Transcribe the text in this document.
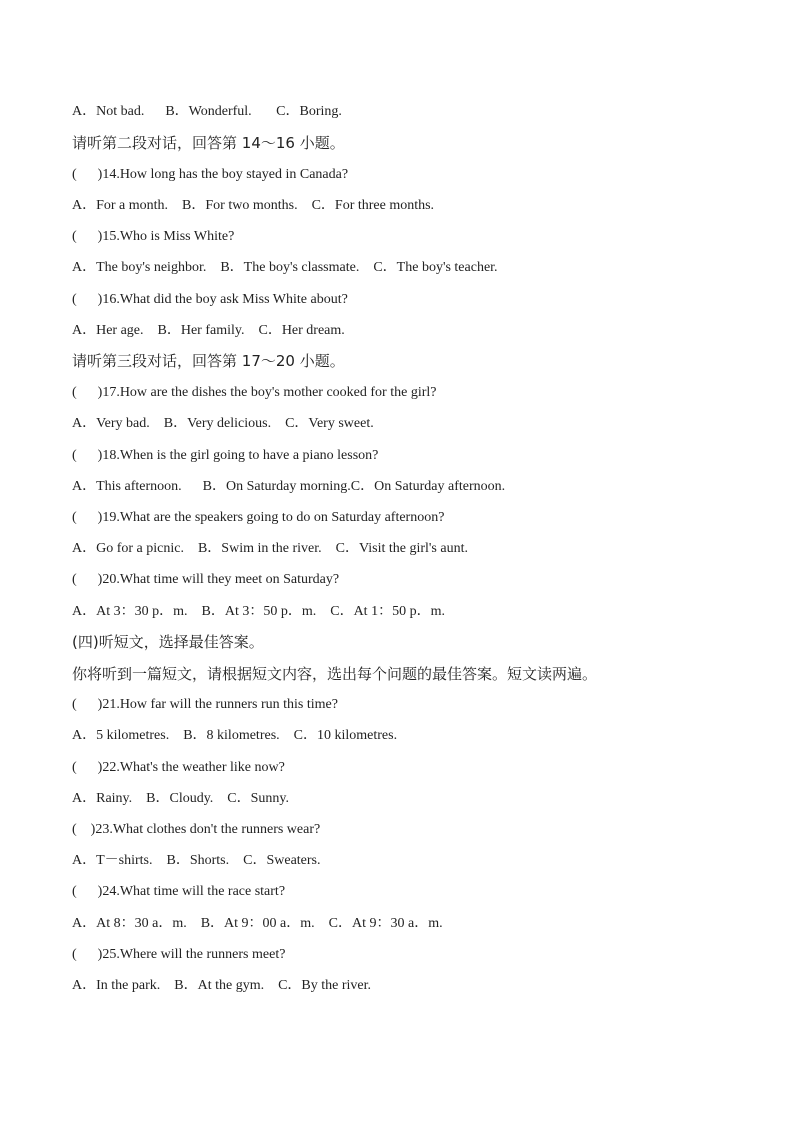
A．Not bad.      B．Wonderful.       C．Boring.
请听第二段对话，回答第 14～16 小题。
(      )14.How long has the boy stayed in Canada?
A．For a month.    B．For two months.    C．For three months.
(      )15.Who is Miss White?
A．The boy's neighbor.    B．The boy's classmate.    C．The boy's teacher.
(      )16.What did the boy ask Miss White about?
A．Her age.    B．Her family.    C．Her dream.
请听第三段对话，回答第 17～20 小题。
(      )17.How are the dishes the boy's mother cooked for the girl?
A．Very bad.    B．Very delicious.    C．Very sweet.
(      )18.When is the girl going to have a piano lesson?
A．This afternoon.      B．On Saturday morning.C．On Saturday afternoon.
(      )19.What are the speakers going to do on Saturday afternoon?
A．Go for a picnic.    B．Swim in the river.    C．Visit the girl's aunt.
(      )20.What time will they meet on Saturday?
A．At 3：30 p．m.    B．At 3：50 p．m.    C．At 1：50 p．m.
(四)听短文，选择最佳答案。
你将听到一篇短文，请根据短文内容，选出每个问题的最佳答案。短文读两遍。
(      )21.How far will the runners run this time?
A．5 kilometres.    B．8 kilometres.    C．10 kilometres.
(      )22.What's the weather like now?
A．Rainy.    B．Cloudy.    C．Sunny.
(    )23.What clothes don't the runners wear?
A．T－shirts.    B．Shorts.    C．Sweaters.
(      )24.What time will the race start?
A．At 8：30 a．m.    B．At 9：00 a．m.    C．At 9：30 a．m.
(      )25.Where will the runners meet?
A．In the park.    B．At the gym.    C．By the river.
